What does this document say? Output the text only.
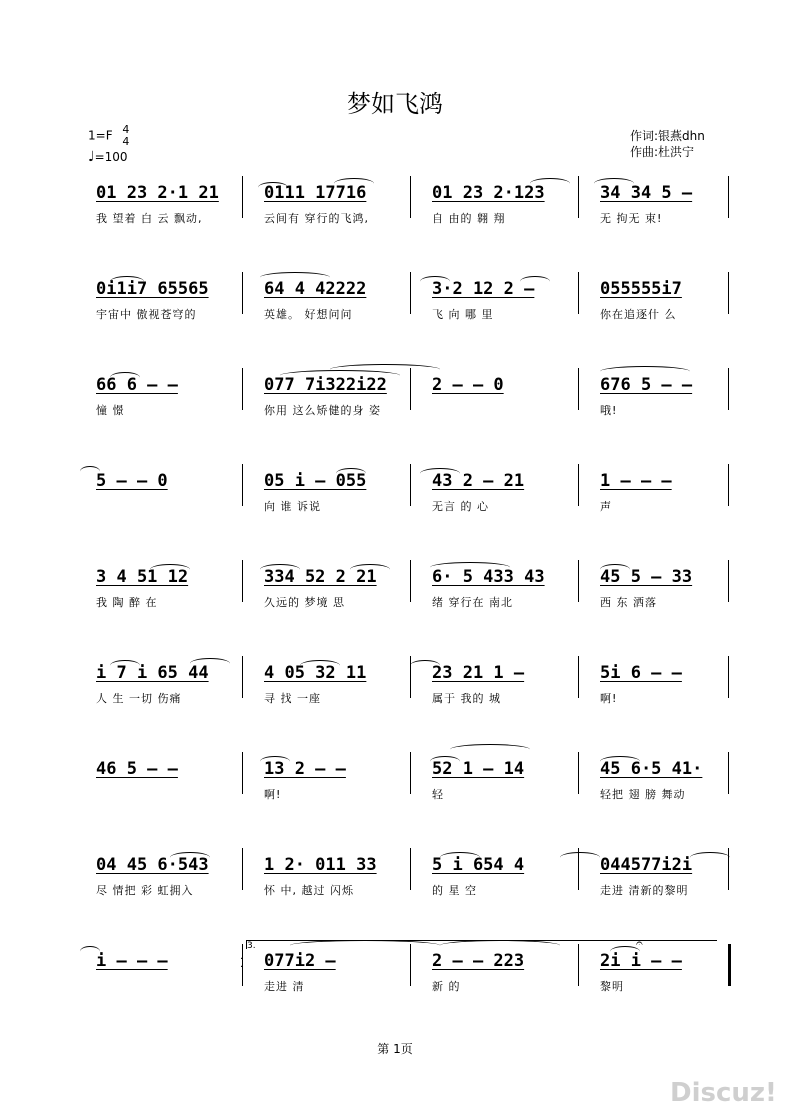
梦如飞鸿
1=F 4
4
♩=100
作词:银燕dhn
作曲:杜洪宁
01 23 2·1 21
我 望着 白 云 飘动,
0111 17716
云间有 穿行的飞鸿,
01 23 2·123
自 由的 翱 翔
34 34 5 –
无 拘无 束!
0i1i7 65565
宇宙中 傲视苍穹的
64 4 42222
英雄。 好想问问
3·2 12 2 –
飞 向 哪 里
055555i7
你在追逐什 么
66 6 – –
憧 憬
077 7i322i22
你用 这么矫健的身 姿
2 – – 0	676 5 – –
哦!
5 – – 0	05 i – 055
向 谁 诉说
43 2 – 21
无言 的 心
1 – – –
声
3 4 51 12
我 陶 醉 在
334 52 2 21
久远的 梦境 思
6· 5 433 43
绪 穿行在 南北
45 5 – 33
西 东 洒落
i 7 i 65 44
人 生 一切 伤痛
4 05 32 11
寻 找 一座
23 21 1 –
属于 我的 城
5i 6 – –
啊!
46 5 – –	13 2 – –
啊!
52 1 – 14
轻
45 6·5 41·
轻把 翅 膀 舞动
04 45 6·543
尽 情把 彩 虹拥入
1 2· 011 33
怀 中, 越过 闪烁
5 i 654 4
的 星 空
044577i2i
走进 清新的黎明
i – – –	077i2 –
走进 清
2 – – 223
新 的
2i i – –
黎明
3.
·
·
𝄐
第 1页
Discuz!
